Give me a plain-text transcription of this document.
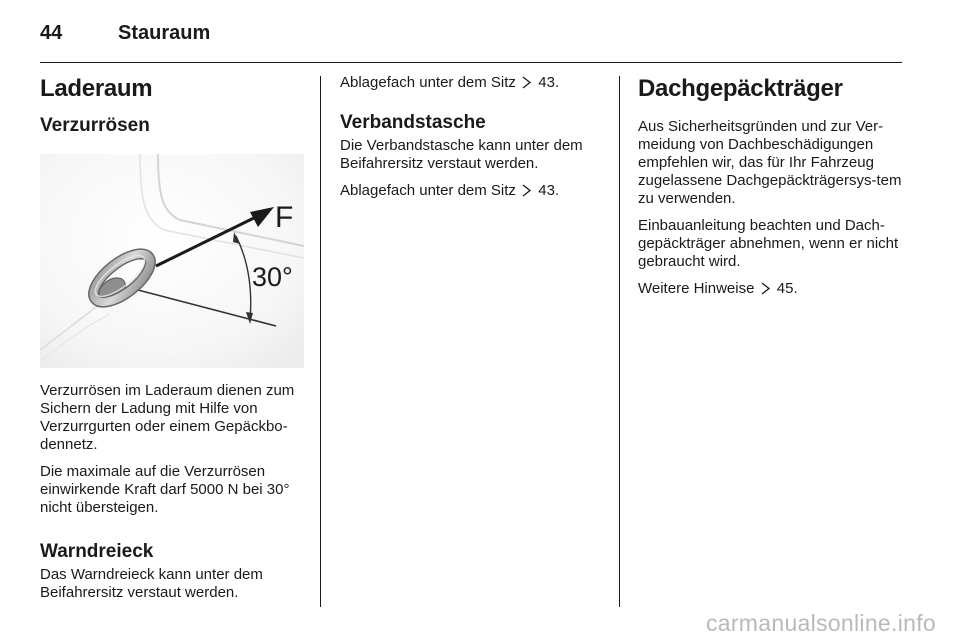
44	Stauraum
Laderaum
Verzurrösen
F
30°

Verzurrösen im Laderaum dienen zum Sichern der Ladung mit Hilfe von Verzurrgurten oder einem Gepäckbo-dennetz.

Die maximale auf die Verzurrösen einwirkende Kraft darf 5000 N bei 30° nicht übersteigen.

Warndreieck

Das Warndreieck kann unter dem Beifahrersitz verstaut werden.

Ablagefach unter dem Sitz 43.

Verbandstasche

Die Verbandstasche kann unter dem Beifahrersitz verstaut werden.

Ablagefach unter dem Sitz 43.

Dachgepäckträger

Aus Sicherheitsgründen und zur Ver-meidung von Dachbeschädigungen empfehlen wir, das für Ihr Fahrzeug zugelassene Dachgepäckträgersys-tem zu verwenden.

Einbauanleitung beachten und Dach-gepäckträger abnehmen, wenn er nicht gebraucht wird.

Weitere Hinweise 45.

carmanualsonline.info
